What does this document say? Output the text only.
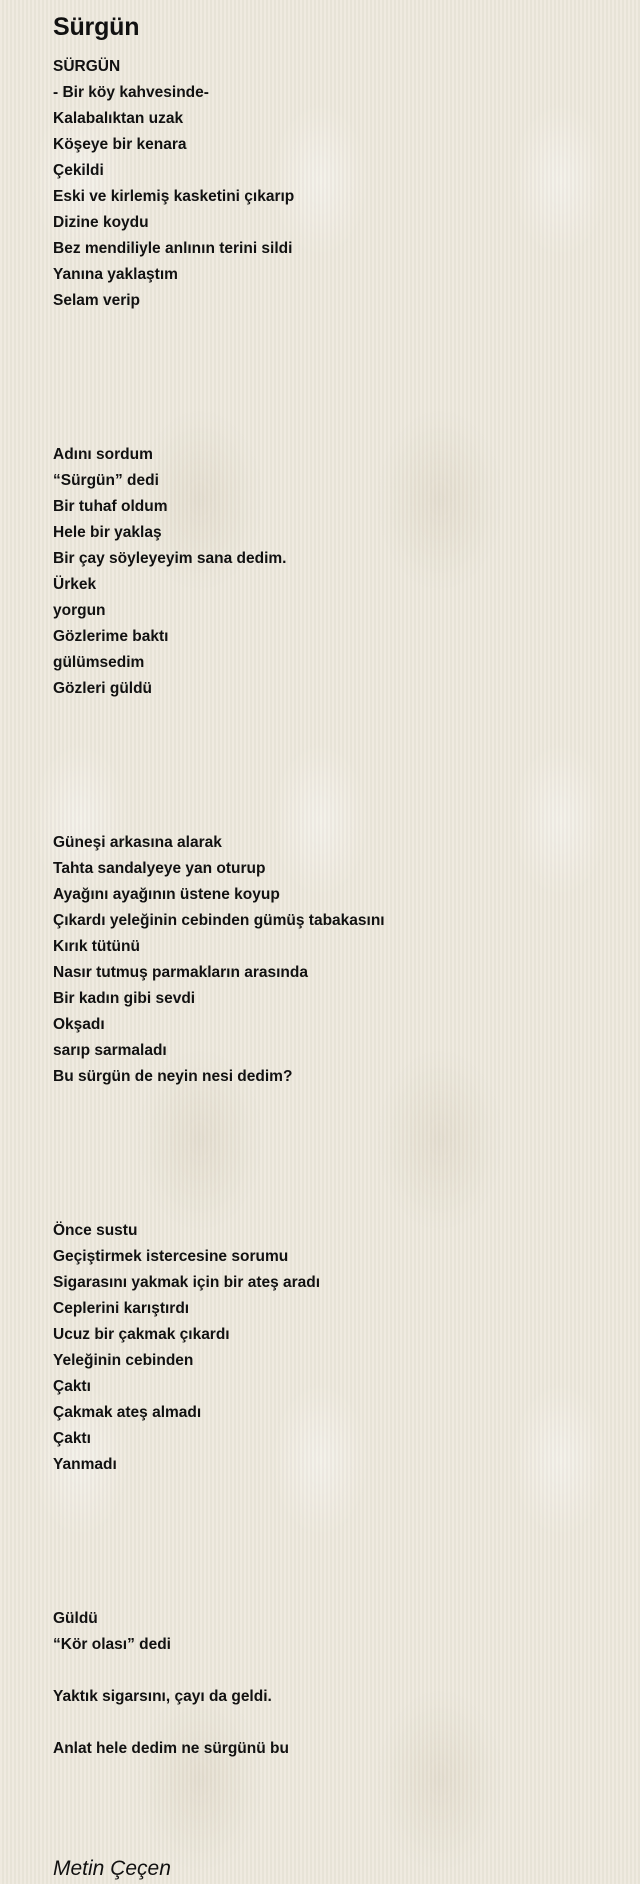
Sürgün
SÜRGÜN
- Bir köy kahvesinde-
Kalabalıktan uzak
Köşeye bir kenara
Çekildi
Eski ve kirlemiş kasketini çıkarıp
Dizine koydu
Bez mendiliyle anlının terini sildi
Yanına yaklaştım
Selam verip
Adını sordum
“Sürgün” dedi
Bir tuhaf oldum
Hele bir yaklaş
Bir çay söyleyeyim sana dedim.
Ürkek
yorgun
Gözlerime baktı
gülümsedim
Gözleri güldü
Güneşi arkasına alarak
Tahta sandalyeye yan oturup
Ayağını ayağının üstene koyup
Çıkardı yeleğinin cebinden gümüş tabakasını
Kırık tütünü
Nasır tutmuş parmakların arasında
Bir kadın gibi sevdi
Okşadı
sarıp sarmaladı
Bu sürgün de neyin nesi dedim?
Önce sustu
Geçiştirmek istercesine sorumu
Sigarasını yakmak için bir ateş aradı
Ceplerini karıştırdı
Ucuz bir çakmak çıkardı
Yeleğinin cebinden
Çaktı
Çakmak ateş almadı
Çaktı
Yanmadı
Güldü
“Kör olası” dedi
Yaktık sigarsını, çayı da geldi.
Anlat hele dedim ne sürgünü bu
Metin Çeçen
